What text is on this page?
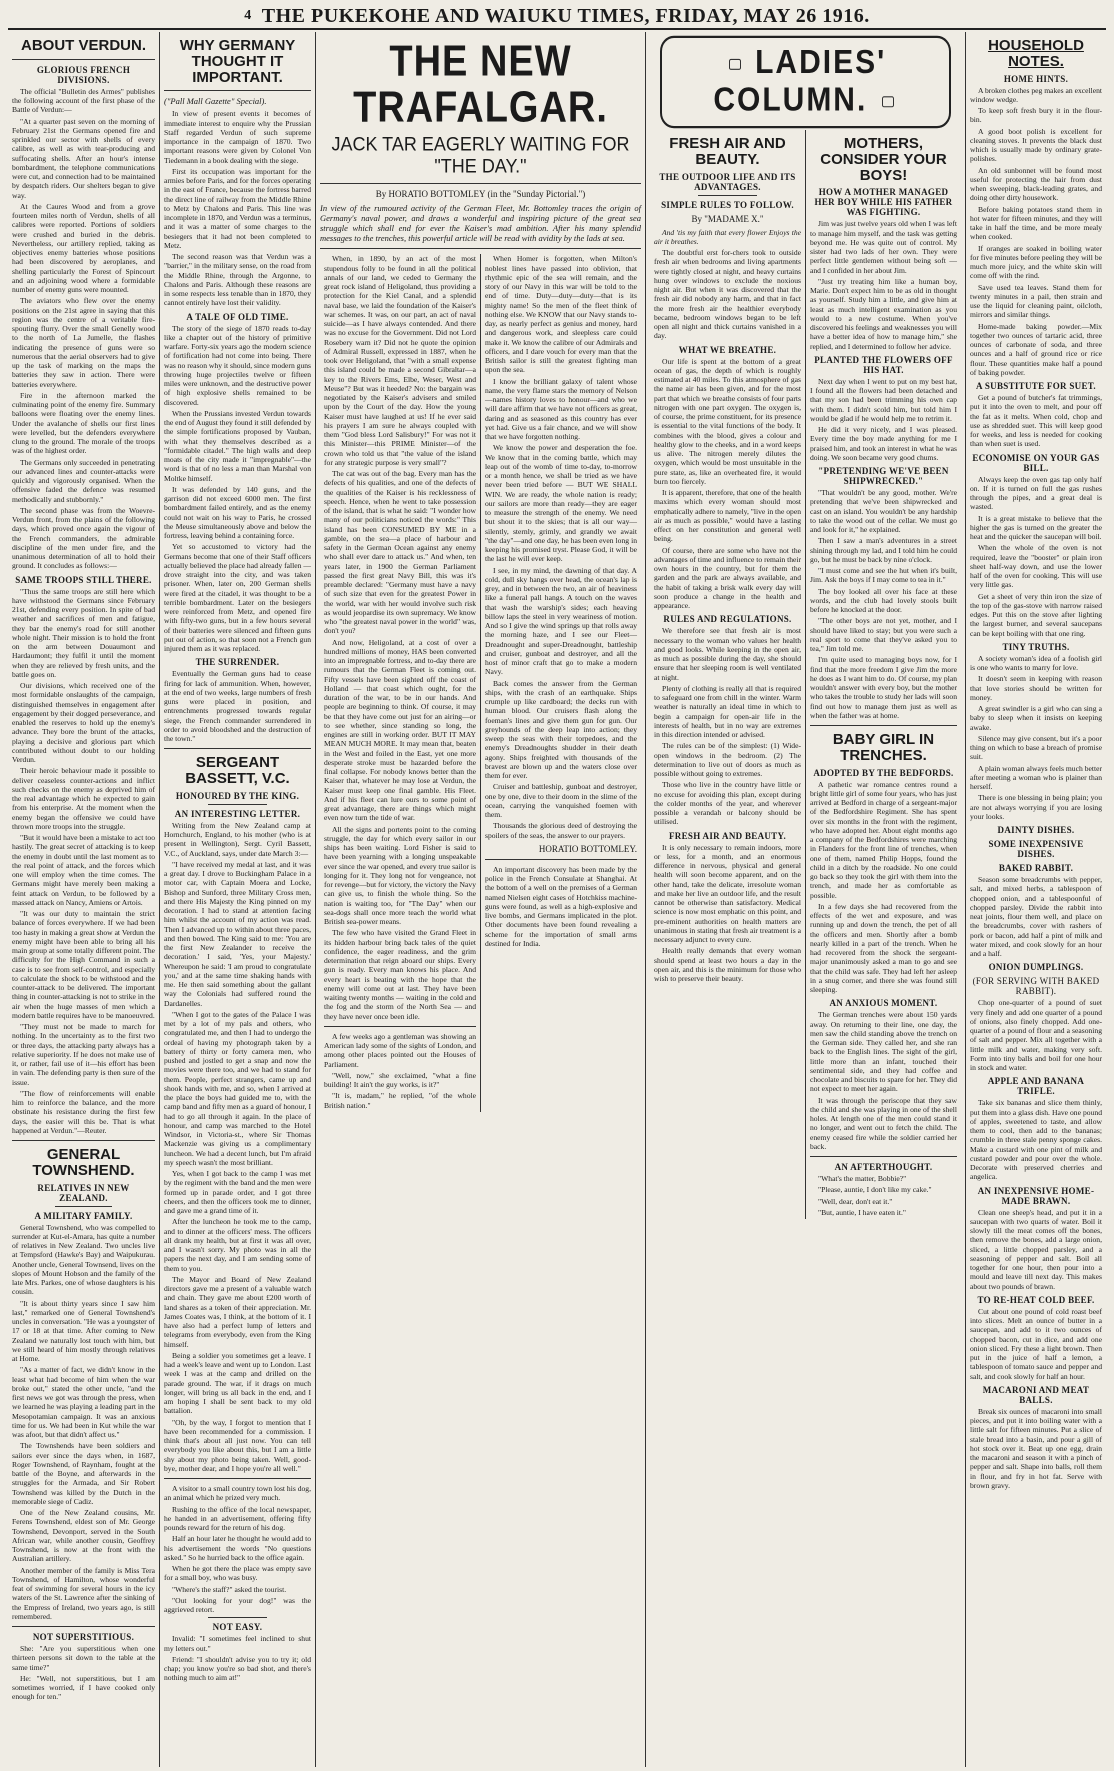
4 THE PUKEKOHE AND WAIUKU TIMES, FRIDAY, MAY 26 1916.
ABOUT VERDUN.
GLORIOUS FRENCH DIVISIONS.

The official "Bulletin des Armes" publishes the following account of the first phase of the Battle of Verdun:—

"At a quarter past seven on the morning of February 21st the Germans opened fire and sprinkled our sector with shells of every calibre, as well as with tear-producing and suffocating shells. After an hour's intense bombardment, the telephone communications were cut, and connection had to be maintained by despatch riders. Our shelters began to give way.

At the Caures Wood and from a grove fourteen miles north of Verdun, shells of all calibres were reported. Portions of soldiers were crushed and buried in the debris. Nevertheless, our artillery replied, taking as objectives enemy batteries whose positions had been discovered by aeroplanes, and shelling particularly the Forest of Spincourt and an adjoining wood where a formidable number of enemy guns were mounted.

The aviators who flew over the enemy positions on the 21st agree in saying that this region was the centre of a veritable fire-spouting flurry. Over the small Genelly wood to the north of La Jumelle, the flashes indicating the presence of guns were so numerous that the aerial observers had to give up the task of marking on the maps the batteries they saw in action. There were batteries everywhere.

Fire in the afternoon marked the culminating point of the enemy fire. Summary balloons were floating over the enemy lines. Under the avalanche of shells our first lines were levelled, but the defenders everywhere clung to the ground. The morale of the troops was of the highest order.

The Germans only succeeded in penetrating our advanced lines and counter-attacks were quickly and vigorously organised. When the offensive faded the defence was resumed methodically and stubbornly."

The second phase was from the Woevre-Verdun front, from the plains of the following days, which proved once again the vigour of the French commanders, the admirable discipline of the men under fire, and the unanimous determination of all to hold their ground. It concludes as follows:—

SAME TROOPS STILL THERE.

"Thus the same troops are still here which have withstood the Germans since February 21st, defending every position. In spite of bad weather and sacrifices of men and fatigue, they bar the enemy's road for still another whole night. Their mission is to hold the front on the arm between Douaumont and Hardaumont; they fulfil it until the moment when they are relieved by fresh units, and the battle goes on.

Our divisions, which received one of the most formidable onslaughts of the campaign, distinguished themselves in engagement after engagement by their dogged perseverance, and enabled the reserves to hold up the enemy's advance. They bore the brunt of the attacks, playing a decisive and glorious part which contributed without doubt to our holding Verdun.

Their heroic behaviour made it possible to deliver ceaseless counter-actions and inflict such checks on the enemy as deprived him of the real advantage which he expected to gain from his enterprise. At the moment when the enemy began the offensive we could have thrown more troops into the struggle.

"But it would have been a mistake to act too hastily. The great secret of attacking is to keep the enemy in doubt until the last moment as to the real point of attack, and the forces which one will employ when the time comes. The Germans might have merely been making a feint attack on Verdun, to be followed by a massed attack on Nancy, Amiens or Artois.

"It was our duty to maintain the strict balance of forces everywhere. If we had been too hasty in making a great show at Verdun the enemy might have been able to bring all his main group at some totally different point. The difficulty for the High Command in such a case is to see from self-control, and especially to calculate the shock to be withstood and the counter-attack to be delivered. The important thing in counter-attacking is not to strike in the air when the huge masses of men which a modern battle requires have to be manoeuvred.

"They must not be made to march for nothing. In the uncertainty as to the first two or three days, the attacking party always has a relative superiority. If he does not make use of it, or rather, fail use of it—his effort has been in vain. The defending party is then sure of the issue.

"The flow of reinforcements will enable him to reinforce the balance, and the more obstinate his resistance during the first few days, the easier will this be. That is what happened at Verdun."—Reuter.

GENERAL TOWNSHEND.
RELATIVES IN NEW ZEALAND.
A MILITARY FAMILY.

General Townshend, who was compelled to surrender at Kut-el-Amara, has quite a number of relatives in New Zealand. Two uncles live at Tempsford (Hawke's Bay) and Waipukurau. Another uncle, General Townsend, lives on the slopes of Mount Hobson and the family of the late Mrs. Parkes, one of whose daughters is his cousin.

"It is about thirty years since I saw him last," remarked one of General Townshend's uncles in conversation. "He was a youngster of 17 or 18 at that time. After coming to New Zealand we naturally lost touch with him, but we still heard of him mostly through relatives at Home.

"As a matter of fact, we didn't know in the least what had become of him when the war broke out," stated the other uncle, "and the first news we got was through the press, when we learned he was playing a leading part in the Mesopotamian campaign. It was an anxious time for us. We had been in Kut while the war was afoot, but that didn't affect us."

The Townshends have been soldiers and sailors ever since the days when, in 1687, Roger Townshend, of Raynham, fought at the battle of the Boyne, and afterwards in the struggles for the Armada, and Sir Robert Townshend was killed by the Dutch in the memorable siege of Cadiz.

One of the New Zealand cousins, Mr. Ferens Townshend, eldest son of Mr. George Townshend, Devonport, served in the South African war, while another cousin, Geoffrey Townshend, is now at the front with the Australian artillery.

Another member of the family is Miss Tera Townshend, of Hamilton, whose wonderful feat of swimming for several hours in the icy waters of the St. Lawrence after the sinking of the Empress of Ireland, two years ago, is still remembered.

NOT SUPERSTITIOUS.

She: "Are you superstitious when one thirteen persons sit down to the table at the same time?"

He: "Well, not superstitious, but I am sometimes worried, if I have cooked only enough for ten."

WHY GERMANY THOUGHT IT IMPORTANT.
("Pall Mall Gazette" Special).

In view of present events it becomes of immediate interest to enquire why the Prussian Staff regarded Verdun of such supreme importance in the campaign of 1870. Two important reasons were given by Colonel Von Tiedemann in a book dealing with the siege.

First its occupation was important for the armies before Paris, and for the forces operating in the east of France, because the fortress barred the direct line of railway from the Middle Rhine to Metz by Chalons and Paris. This line was incomplete in 1870, and Verdun was a terminus, and it was a matter of some charges to the besiegers that it had not been completed to Metz.

The second reason was that Verdun was a "barrier," in the military sense, on the road from the Middle Rhine, through the Argonne, to Chalons and Paris. Although these reasons are in some respects less tenable than in 1870, they cannot entirely have lost their validity.

A TALE OF OLD TIME.

The story of the siege of 1870 reads to-day like a chapter out of the history of primitive warfare. Forty-six years ago the modern science of fortification had not come into being. There was no reason why it should, since modern guns throwing huge projectiles twelve or fifteen miles were unknown, and the destructive power of high explosive shells remained to be discovered.

When the Prussians invested Verdun towards the end of August they found it still defended by the simple fortifications proposed by Vauban, with what they themselves described as a "formidable citadel." The high walls and deep moats of the city made it "impregnable"—the word is that of no less a man than Marshal von Moltke himself.

It was defended by 140 guns, and the garrison did not exceed 6000 men. The first bombardment failed entirely, and as the enemy could not wait on his way to Paris, he crossed the Meuse simultaneously above and below the fortress, leaving behind a containing force.

Yet so accustomed to victory had the Germans become that one of their Staff officers actually believed the place had already fallen — drove straight into the city, and was taken prisoner. When, later on, 200 German shells were fired at the citadel, it was thought to be a terrible bombardment. Later on the besiegers were reinforced from Metz, and opened fire with fifty-two guns, but in a few hours several of their batteries were silenced and fifteen guns put out of action, so that soon not a French gun injured them as it was replaced.

THE SURRENDER.

Eventually the German guns had to cease firing for lack of ammunition. When, however, at the end of two weeks, large numbers of fresh guns were placed in position, and entrenchments progressed towards regular siege, the French commander surrendered in order to avoid bloodshed and the destruction of the town."

SERGEANT BASSETT, V.C.
HONOURED BY THE KING.
AN INTERESTING LETTER.

Writing from the New Zealand camp at Hornchurch, England, to his mother (who is at present in Wellington), Sergt. Cyril Bassett, V.C., of Auckland, says, under date March 3:—

"I have received my medal at last, and it was a great day. I drove to Buckingham Palace in a motor car, with Captain Moera and Locke, Bishop and Sunford, three Military Cross men, and there His Majesty the King pinned on my decoration. I had to stand at attention facing him whilst the account of my action was read. Then I advanced up to within about three paces, and then bowed. The King said to me: 'You are the first New Zealander to receive the decoration.' I said, 'Yes, your Majesty.' Whereupon he said: 'I am proud to congratulate you,' and at the same time shaking hands with me. He then said something about the gallant way the Colonials had suffered round the Dardanelles.

"When I got to the gates of the Palace I was met by a lot of my pals and others, who congratulated me, and then I had to undergo the ordeal of having my photograph taken by a battery of thirty or forty camera men, who pushed and jostled to get a snap and now the movies were there too, and we had to stand for them. People, perfect strangers, came up and shook hands with me, and so, when I arrived at the place the boys had guided me to, with the camp band and fifty men as a guard of honour, I had to go all through it again. In the place of honour, and camp was marched to the Hotel Windsor, in Victoria-st., where Sir Thomas Mackenzie was giving us a complimentary luncheon. We had a decent lunch, but I'm afraid my speech wasn't the most brilliant.

Yes, when I got back to the camp I was met by the regiment with the band and the men were formed up in parade order, and I got three cheers, and then the officers took me to dinner, and gave me a grand time of it.

After the luncheon he took me to the camp, and to dinner at the officers' mess. The officers all drank my health, but at first it was all over, and I wasn't sorry. My photo was in all the papers the next day, and I am sending some of them to you.

The Mayor and Board of New Zealand directors gave me a present of a valuable watch and chain. They gave me about £200 worth of land shares as a token of their appreciation. Mr. James Coates was, I think, at the bottom of it. I have also had a perfect lump of letters and telegrams from everybody, even from the King himself.

Being a soldier you sometimes get a leave. I had a week's leave and went up to London. Last week I was at the camp and drilled on the parade ground. The war, if it drags on much longer, will bring us all back in the end, and I am hoping I shall be sent back to my old battalion.

"Oh, by the way, I forgot to mention that I have been recommended for a commission. I think that's about all just now. You can tell everybody you like about this, but I am a little shy about my photo being taken. Well, good-bye, mother dear, and I hope you're all well."

A visitor to a small country town lost his dog, an animal which he prized very much.

Rushing to the office of the local newspaper, he handed in an advertisement, offering fifty pounds reward for the return of his dog.

Half an hour later he thought he would add to his advertisement the words "No questions asked." So he hurried back to the office again.

When he got there the place was empty save for a small boy, who was busy.

"Where's the staff?" asked the tourist.

"Out looking for your dog!" was the aggrieved retort.

NOT EASY.

Invalid: "I sometimes feel inclined to shut my letters out."

Friend: "I shouldn't advise you to try it; old chap; you know you're so bad shot, and there's nothing much to aim at!"

THE NEW TRAFALGAR.
JACK TAR EAGERLY WAITING FOR "THE DAY."
By HORATIO BOTTOMLEY (in the "Sunday Pictorial.")
In view of the rumoured activity of the German Fleet, Mr. Bottomley traces the origin of Germany's naval power, and draws a wonderful and inspiring picture of the great sea struggle which shall end for ever the Kaiser's mad ambition. After his many splendid messages to the trenches, this powerful article will be read with avidity by the lads at sea.

When, in 1890, by an act of the most stupendous folly to be found in all the political annals of our land, we ceded to Germany the great rock island of Heligoland, thus providing a protection for the Kiel Canal, and a splendid naval base, we laid the foundation of the Kaiser's war schemes. It was, on our part, an act of naval suicide—as I have always contended. And there was no excuse for the Government. Did not Lord Rosebery warn it? Did not he quote the opinion of Admiral Russell, expressed in 1887, when he took over Heligoland, that "with a small expense this island could be made a second Gibraltar—a key to the Rivers Ems, Elbe, Weser, West and Meuse"? But was it heeded? No: the bargain was negotiated by the Kaiser's advisers and smiled upon by the Court of the day. How the young Kaiser must have laughed at us! If he ever said his prayers I am sure he always coupled with them "God bless Lord Salisbury!" For was not it this Minister—this PRIME Minister—of the crown who told us that "the value of the island for any strategic purpose is very small"?

The cat was out of the bag. Every man has the defects of his qualities, and one of the defects of the qualities of the Kaiser is his recklessness of speech. Hence, when he went to take possession of the island, that is what he said: "I wonder how many of our politicians noticed the words:" This island has been CONSUMED BY ME in a gamble, on the sea—a place of harbour and safety in the German Ocean against any enemy who shall ever dare to attack us." And when, ten years later, in 1900 the German Parliament passed the first great Navy Bill, this was it's preamble declared: "Germany must have a navy of such size that even for the greatest Power in the world, war with her would involve such risk as would jeopardise its own supremacy. We know who "the greatest naval power in the world" was, don't you?

And now, Heligoland, at a cost of over a hundred millions of money, HAS been converted into an impregnable fortress, and to-day there are rumours that the German Fleet is coming out. Fifty vessels have been sighted off the coast of Holland — that coast which ought, for the duration of the war, to be in our hands. And people are beginning to think. Of course, it may be that they have come out just for an airing—or to see whether, since standing so long, the engines are still in working order. BUT IT MAY MEAN MUCH MORE. It may mean that, beaten in the West and foiled in the East, yet one more desperate stroke must be hazarded before the final collapse. For nobody knows better than the Kaiser that, whatever he may lose at Verdun, the Kaiser must keep one final gamble. His Fleet. And if his fleet can lure ours to some point of great advantage, there are things which might even now turn the tide of war.

All the signs and portents point to the coming struggle, the day for which every sailor in our ships has been waiting. Lord Fisher is said to have been yearning with a longing unspeakable ever since the war opened, and every true sailor is longing for it. They long not for vengeance, not for revenge—but for victory, the victory the Navy can give us, to finish the whole thing. So the nation is waiting too, for "The Day" when our sea-dogs shall once more teach the world what British sea-power means.

The few who have visited the Grand Fleet in its hidden harbour bring back tales of the quiet confidence, the eager readiness, and the grim determination that reign aboard our ships. Every gun is ready. Every man knows his place. And every heart is beating with the hope that the enemy will come out at last. They have been waiting twenty months — waiting in the cold and the fog and the storm of the North Sea — and they have never once been idle.

A few weeks ago a gentleman was showing an American lady some of the sights of London, and among other places pointed out the Houses of Parliament.

"Well, now," she exclaimed, "what a fine building! It ain't the guy works, is it?"

"It is, madam," he replied, "of the whole British nation."

When Homer is forgotten, when Milton's noblest lines have passed into oblivion, that rhythmic epic of the sea will remain, and the story of our Navy in this war will be told to the end of time. Duty—duty—duty—that is its mighty name! So the men of the fleet think of nothing else. We KNOW that our Navy stands to-day, as nearly perfect as genius and money, hard and dangerous work, and sleepless care could make it. We know the calibre of our Admirals and officers, and I dare vouch for every man that the British sailor is still the greatest fighting man upon the sea.

I know the brilliant galaxy of talent whose name, the very flame stars the memory of Nelson—names history loves to honour—and who we will dare affirm that we have not officers as great, daring and as seasoned as this country has ever yet had. Give us a fair chance, and we will show that we have forgotten nothing.

We know the power and desperation the foe. We know that in the coming battle, which may leap out of the womb of time to-day, to-morrow or a month hence, we shall be tried as we have never been tried before — BUT WE SHALL WIN. We are ready, the whole nation is ready; our sailors are more than ready—they are eager to measure the strength of the enemy. We need but shout it to the skies; that is all our way—silently, sternly, grimly, and grandly we await "the day"—and one day, he has been even long in keeping his promised tryst. Please God, it will be the last he will ever keep.

I see, in my mind, the dawning of that day. A cold, dull sky hangs over head, the ocean's lap is grey, and in between the two, an air of heaviness like a funeral pall hangs. A touch on the waves that wash the warship's sides; each heaving billow laps the steel in very weariness of motion. And so I give the wind springs up that rolls away the morning haze, and I see our Fleet—Dreadnought and super-Dreadnought, battleship and cruiser, gunboat and destroyer, and all the host of minor craft that go to make a modern Navy.

Back comes the answer from the German ships, with the crash of an earthquake. Ships crumple up like cardboard; the decks run with human blood. Our cruisers flash along the foeman's lines and give them gun for gun. Our greyhounds of the deep leap into action; they sweep the seas with their torpedoes, and the enemy's Dreadnoughts shudder in their death agony. Ships freighted with thousands of the bravest are blown up and the waters close over them for ever.

Cruiser and battleship, gunboat and destroyer, one by one, dive to their doom in the slime of the ocean, carrying the vanquished foemen with them.

Thousands the glorious deed of destroying the spoilers of the seas, the answer to our prayers.

HORATIO BOTTOMLEY.

An important discovery has been made by the police in the French Consulate at Shanghai. At the bottom of a well on the premises of a German named Nielsen eight cases of Hotchkiss machine-guns were found, as well as a high-explosive and live bombs, and Germans implicated in the plot. Other documents have been found revealing a scheme for the importation of small arms destined for India.

LADIES' COLUMN.
FRESH AIR AND BEAUTY.
THE OUTDOOR LIFE AND ITS ADVANTAGES.
SIMPLE RULES TO FOLLOW.
By "MADAME X."

And 'tis my faith that every flower Enjoys the air it breathes.

The doubtful erst for-chers took to outside fresh air when bedrooms and living apartments were tightly closed at night, and heavy curtains hung over windows to exclude the noxious night air. But when it was discovered that the fresh air did nobody any harm, and that in fact the more fresh air the healthier everybody became, bedroom windows began to be left open all night and thick curtains vanished in a day.

WHAT WE BREATHE.

Our life is spent at the bottom of a great ocean of gas, the depth of which is roughly estimated at 40 miles. To this atmosphere of gas the name air has been given, and for the most part that which we breathe consists of four parts nitrogen with one part oxygen. The oxygen is, of course, the prime constituent, for its presence is essential to the vital functions of the body. It combines with the blood, gives a colour and healthy glow to the cheeks, and in a word keeps us alive. The nitrogen merely dilutes the oxygen, which would be most unsuitable in the pure state, as, like an overheated fire, it would burn too fiercely.

It is apparent, therefore, that one of the health maxims which every woman should most emphatically adhere to namely, "live in the open air as much as possible," would have a lasting effect on her constitution and general well being.

Of course, there are some who have not the advantages of time and influence to remain their own hours in the country, but for them the garden and the park are always available, and the habit of taking a brisk walk every day will soon produce a change in the health and appearance.

RULES AND REGULATIONS.

We therefore see that fresh air is most necessary to the woman who values her health and good looks. While keeping in the open air, as much as possible during the day, she should ensure that her sleeping room is well ventilated at night.

Plenty of clothing is really all that is required to safeguard one from chill in the winter. Warm weather is naturally an ideal time in which to begin a campaign for open-air life in the interests of health, but in no way are extremes in this direction intended or advised.

The rules can be of the simplest: (1) Wide-open windows in the bedroom. (2) The determination to live out of doors as much as possible without going to extremes.

Those who live in the country have little or no excuse for avoiding this plan, except during the colder months of the year, and wherever possible a verandah or balcony should be utilised.

FRESH AIR AND BEAUTY.

It is only necessary to remain indoors, more or less, for a month, and an enormous difference in nervous, physical and general health will soon become apparent, and on the other hand, take the delicate, irresolute woman and make her live an outdoor life, and the result cannot be otherwise than satisfactory. Medical science is now most emphatic on this point, and pre-eminent authorities on health matters are unanimous in stating that fresh air treatment is a necessary adjunct to every cure.

Health really demands that every woman should spend at least two hours a day in the open air, and this is the minimum for those who wish to preserve their beauty.

MOTHERS, CONSIDER YOUR BOYS!
HOW A MOTHER MANAGED HER BOY WHILE HIS FATHER WAS FIGHTING.

Jim was just twelve years old when I was left to manage him myself, and the task was getting beyond me. He was quite out of control. My sister had two lads of her own. They were perfect little gentlemen without being soft — and I confided in her about Jim.

"Just try treating him like a human boy, Marie. Don't expect him to be as old in thought as yourself. Study him a little, and give him at least as much intelligent examination as you would to a new costume. When you've discovered his feelings and weaknesses you will have a better idea of how to manage him," she replied, and I determined to follow her advice.

PLANTED THE FLOWERS OFF HIS HAT.

Next day when I went to put on my best hat, I found all the flowers had been detached and that my son had been trimming his own cap with them. I didn't scold him, but told him I would be glad if he would help me to retrim it.

He did it very nicely, and I was pleased. Every time the boy made anything for me I praised him, and took an interest in what he was doing. We soon became very good chums.

"PRETENDING WE'VE BEEN SHIPWRECKED."

"That wouldn't be any good, mother. We're pretending that we've been shipwrecked and cast on an island. You wouldn't be any hardship to take the wood out of the cellar. We must go and look for it," he explained.

Then I saw a man's adventures in a street shining through my lad, and I told him he could go, but he must be back by nine o'clock.

"I must come and see the hut when it's built, Jim. Ask the boys if I may come to tea in it."

The boy looked all over his face at these words, and the club had lovely stools built before he knocked at the door.

"The other boys are not yet, mother, and I should have liked to stay; but you were such a real sport to come that they've asked you to tea," Jim told me.

I'm quite used to managing boys now, for I find that the more freedom I give Jim the more he does as I want him to do. Of course, my plan wouldn't answer with every boy, but the mother who takes the trouble to study her lads will soon find out how to manage them just as well as when the father was at home.

BABY GIRL IN TRENCHES.
ADOPTED BY THE BEDFORDS.

A pathetic war romance centres round a bright little girl of some four years, who has just arrived at Bedford in charge of a sergeant-major of the Bedfordshire Regiment. She has spent over six months in the front with the regiment, who have adopted her. About eight months ago a company of the Bedfordshires were marching in Flanders for the front line of trenches, when one of them, named Philip Hopps, found the child in a ditch by the roadside. No one could go back so they took the girl with them into the trench, and made her as comfortable as possible.

In a few days she had recovered from the effects of the wet and exposure, and was running up and down the trench, the pet of all the officers and men. Shortly after a bomb nearly killed in a part of the trench. When he had recovered from the shock the sergeant-major unanimously asked a man to go and see that the child was safe. They had left her asleep in a snug corner, and there she was found still sleeping.

AN ANXIOUS MOMENT.

The German trenches were about 150 yards away. On returning to their line, one day, the men saw the child standing above the trench on the German side. They called her, and she ran back to the English lines. The sight of the girl, little more than an infant, touched their sentimental side, and they had coffee and chocolate and biscuits to spare for her. They did not expect to meet her again.

It was through the periscope that they saw the child and she was playing in one of the shell holes. At length one of the men could stand it no longer, and went out to fetch the child. The enemy ceased fire while the soldier carried her back.

AN AFTERTHOUGHT.

"What's the matter, Bobbie?"

"Please, auntie, I don't like my cake."

"Well, dear, don't eat it."

"But, auntie, I have eaten it."

HOUSEHOLD NOTES.
HOME HINTS.

A broken clothes peg makes an excellent window wedge.

To keep soft fresh bury it in the flour-bin.

A good boot polish is excellent for cleaning stoves. It prevents the black dust which is usually made by ordinary grate-polishes.

An old sunbonnet will be found most useful for protecting the hair from dust when sweeping, black-leading grates, and doing other dirty housework.

Before baking potatoes stand them in hot water for fifteen minutes, and they will take in half the time, and be more mealy when cooked.

If oranges are soaked in boiling water for five minutes before peeling they will be much more juicy, and the white skin will come off with the rind.

Save used tea leaves. Stand them for twenty minutes in a pail, then strain and use the liquid for cleaning paint, oilcloth, mirrors and similar things.

Home-made baking powder.—Mix together two ounces of tartaric acid, three ounces of carbonate of soda, and three ounces and a half of ground rice or rice flour. These quantities make half a pound of baking powder.

A SUBSTITUTE FOR SUET.

Get a pound of butcher's fat trimmings, put it into the oven to melt, and pour off the fat as it melts. When cold, chop and use as shredded suet. This will keep good for weeks, and less is needed for cooking than when suet is used.

ECONOMISE ON YOUR GAS BILL.

Always keep the oven gas tap only half on. If it is turned on full the gas rushes through the pipes, and a great deal is wasted.

It is a great mistake to believe that the higher the gas is turned on the greater the heat and the quicker the saucepan will boil.

When the whole of the oven is not required, leave the "booster" or plain iron sheet half-way down, and use the lower half of the oven for cooking. This will use very little gas.

Get a sheet of very thin iron the size of the top of the gas-stove with narrow raised edges. Put this on the stove after lighting the largest burner, and several saucepans can be kept boiling with that one ring.

TINY TRUTHS.

A society woman's idea of a foolish girl is one who wants to marry for love.

It doesn't seem in keeping with reason that love stories should be written for money.

A great swindler is a girl who can sing a baby to sleep when it insists on keeping awake.

Silence may give consent, but it's a poor thing on which to base a breach of promise suit.

A plain woman always feels much better after meeting a woman who is plainer than herself.

There is one blessing in being plain; you are not always worrying if you are losing your looks.

DAINTY DISHES.
SOME INEXPENSIVE DISHES.
BAKED RABBIT.

Season some breadcrumbs with pepper, salt, and mixed herbs, a tablespoon of chopped onion, and a tablespoonful of chopped parsley. Divide the rabbit into neat joints, flour them well, and place on the breadcrumbs, cover with rashers of pork or bacon, add half a pint of milk and water mixed, and cook slowly for an hour and a half.

ONION DUMPLINGS.
(FOR SERVING WITH BAKED RABBIT).

Chop one-quarter of a pound of suet very finely and add one quarter of a pound of onions, also finely chopped. Add one-quarter of a pound of flour and a seasoning of salt and pepper. Mix all together with a little milk and water, making very soft. Form into tiny balls and boil for one hour in stock and water.

APPLE AND BANANA TRIFLE.

Take six bananas and slice them thinly, put them into a glass dish. Have one pound of apples, sweetened to taste, and allow them to cool, then add to the bananas; crumble in three stale penny sponge cakes. Make a custard with one pint of milk and custard powder and pour over the whole. Decorate with preserved cherries and angelica.

AN INEXPENSIVE HOME-MADE BRAWN.

Clean one sheep's head, and put it in a saucepan with two quarts of water. Boil it slowly till the meat comes off the bones, then remove the bones, add a large onion, sliced, a little chopped parsley, and a seasoning of pepper and salt. Boil all together for one hour, then pour into a mould and leave till next day. This makes about two pounds of brawn.

TO RE-HEAT COLD BEEF.

Cut about one pound of cold roast beef into slices. Melt an ounce of butter in a saucepan, and add to it two ounces of chopped bacon, cut in dice, and add one onion sliced. Fry these a light brown. Then put in the juice of half a lemon, a tablespoon of tomato sauce and pepper and salt, and cook slowly for half an hour.

MACARONI AND MEAT BALLS.

Break six ounces of macaroni into small pieces, and put it into boiling water with a little salt for fifteen minutes. Put a slice of stale bread into a basin, and pour a gill of hot stock over it. Beat up one egg, drain the macaroni and season it with a pinch of pepper and salt. Shape into balls, roll them in flour, and fry in hot fat. Serve with brown gravy.
